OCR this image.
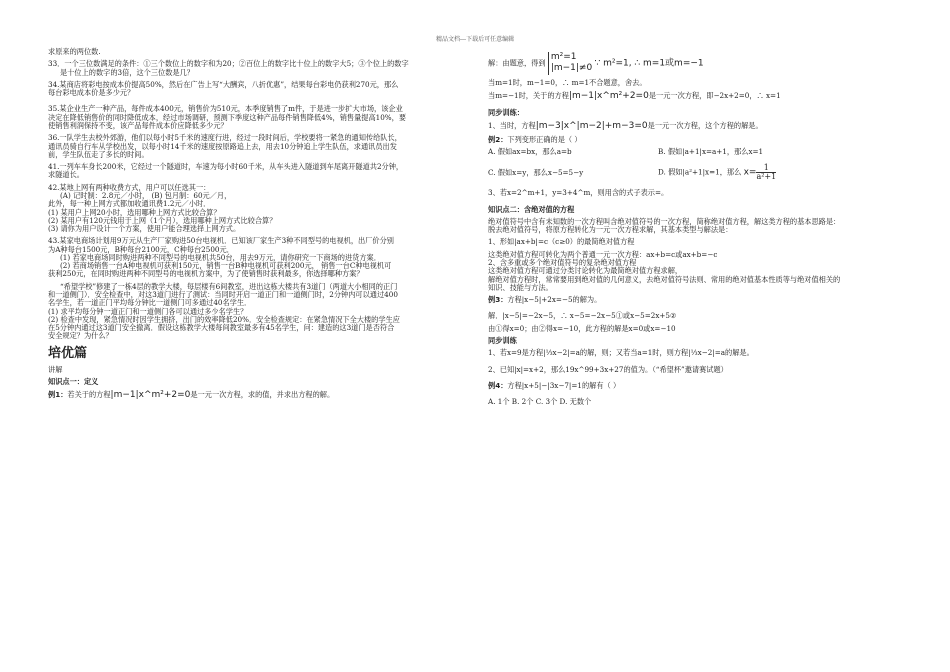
精品文档---下载后可任意编辑

求原来的两位数.

33．一个三位数满足的条件：①三个数位上的数字和为20；②百位上的数字比十位上的数字大5；③个位上的数字

是十位上的数字的3倍，这个三位数是几？

34.某商店将彩电按成本价提高50%，然后在广告上写“大酬宾，八折优惠”，结果每台彩电仍获利270元，那么

每台彩电成本价是多少元？

35.某企业生产一种产品，每件成本400元，销售价为510元，本季度销售了m件，于是进一步扩大市场，该企业

决定在降低销售价的同时降低成本，经过市场调研，预测下季度这种产品每件销售降低4%，销售量提高10%，要

使销售利润保持不变，该产品每件成本价应降低多少元？

36.一队学生去校外郊游，他们以每小时5千米的速度行进，经过一段时间后，学校要将一紧急的通知传给队长，

通讯员骑自行车从学校出发，以每小时14千米的速度按原路追上去，用去10分钟追上学生队伍，求通讯员出发

前，学生队伍走了多长的时间。

41.一列车车身长200米，它经过一个隧道时，车速为每小时60千米，从车头进入隧道到车尾离开隧道共2分钟，

求隧道长。

42.某地上网有两种收费方式，用户可以任选其一：

(A) 记时制：2.8元／小时， (B) 包月制：60元／月，

此外，每一种上网方式都加收通讯费1.2元／小时．

(1) 某用户上网20小时，选用哪种上网方式比较合算？

(2) 某用户有120元钱用于上网（1个月），选用哪种上网方式比较合算？

(3) 请你为用户设计一个方案，使用户能合理选择上网方式。

43.某家电商场计划用9万元从生产厂家购进50台电视机．已知该厂家生产3种不同型号的电视机，出厂价分别

为A种每台1500元，B种每台2100元，C种每台2500元．

(1) 若家电商场同时购进两种不同型号的电视机共50台，用去9万元，请你研究一下商场的进货方案．

(2) 若商场销售一台A种电视机可获利150元，销售一台B种电视机可获利200元， 销售一台C种电视机可

获利250元，在同时购进两种不同型号的电视机方案中，为了使销售时获利最多，你选择哪种方案？

“希望学校”修建了一栋4层的教学大楼，每层楼有6间教室，进出这栋大楼共有3道门（两道大小相同的正门

和一道侧门）．安全检查中，对这3道门进行了测试：当同时开启一道正门和一道侧门时，2分钟内可以通过400

名学生，若一道正门平均每分钟比一道侧门可多通过40名学生．

(1) 求平均每分钟一道正门和一道侧门各可以通过多少名学生？

(2) 检查中发现，紧急情况时因学生拥挤，出门的效率降低20%．安全检查规定：在紧急情况下全大楼的学生应

在5分钟内通过这3道门安全撤离．假设这栋教学大楼每间教室最多有45名学生，问：建造的这3道门是否符合

安全规定？为什么？

培优篇

讲解

知识点一：定义

例1：若关于的方程|m−1|x^m²+2=0是一元一次方程，求的值，并求出方程的解。

解：由题意，得到 m²=1
|m−1|≠0 ∵ m²=1, ∴ m=1或m=−1

当m=1时，m−1=0，∴ m=1不合题意，舍去。

当m=−1时，关于的方程|m−1|x^m²+2=0是一元一次方程，即−2x+2=0，∴ x=1

同步训练：

1、当时，方程|m−3|x^|m−2|+m−3=0是一元一次方程，这个方程的解是。

例2：下列变形正确的是（ ）

A. 假如ax=bx，那么a=b	B. 假如|a+1|x=a+1，那么x=1

C. 假如x=y，那么x−5=5−y	D. 假如|a²+1|x=1，那么 $x= \frac{1}{\text{a²+1}}$

3、若x=2^m+1，y=3+4^m，则用含的式子表示=。

知识点二：含绝对值的方程

绝对值符号中含有未知数的一次方程叫含绝对值符号的一次方程，简称绝对值方程，解这类方程的基本思路是：

脱去绝对值符号，将原方程转化为一元一次方程求解，其基本类型与解法是：

1、形如|ax+b|=c（c≥0）的最简绝对值方程

这类绝对值方程可转化为两个普通一元一次方程：ax+b=c或ax+b=−c

2、含多重或多个绝对值符号的复杂绝对值方程

这类绝对值方程可通过分类讨论转化为最简绝对值方程求解，

解绝对值方程时，常常要用到绝对值的几何意义，去绝对值符号法则、常用的绝对值基本性质等与绝对值相关的

知识、技能与方法。

例3：方程|x−5|+2x=−5的解为。

解．|x−5|=−2x−5，∴ x−5=−2x−5①或x−5=2x+5②

由①得x=0；由②得x=−10，此方程的解是x=0或x=−10

同步训练

1、若x=9是方程|⅓x−2|=a的解，则；又若当a=1时，则方程|⅓x−2|=a的解是。

2、已知|x|=x+2，那么19x^99+3x+27的值为。（“希望杯”邀请赛试题）

例4：方程|x+5|−|3x−7|=1的解有（ ）

A. 1个 B. 2个 C. 3个 D. 无数个
